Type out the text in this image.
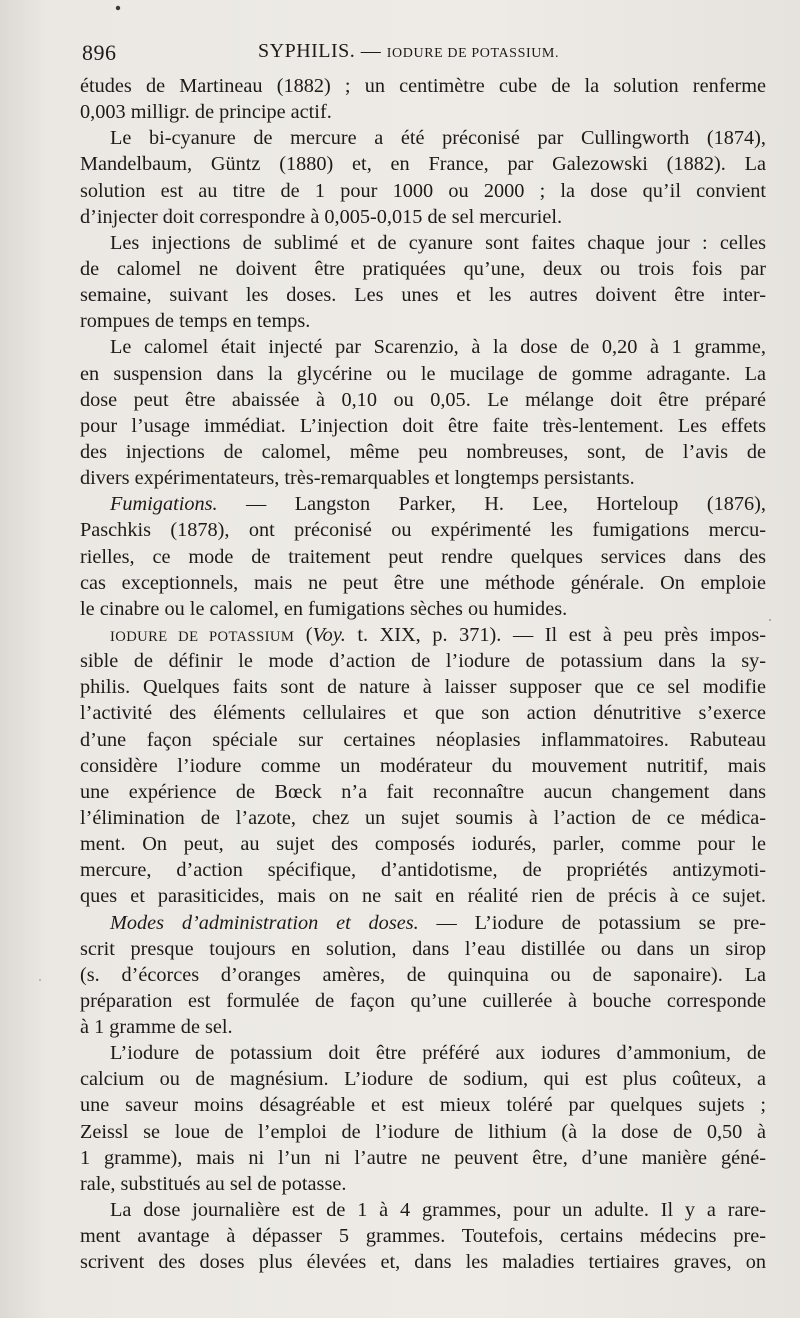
896	SYPHILIS. — IODURE DE POTASSIUM.
études de Martineau (1882) ; un centimètre cube de la solution renferme
0,003 milligr. de principe actif.
Le bi-cyanure de mercure a été préconisé par Cullingworth (1874),
Mandelbaum, Güntz (1880) et, en France, par Galezowski (1882). La
solution est au titre de 1 pour 1000 ou 2000 ; la dose qu’il convient
d’injecter doit correspondre à 0,005-0,015 de sel mercuriel.
Les injections de sublimé et de cyanure sont faites chaque jour : celles
de calomel ne doivent être pratiquées qu’une, deux ou trois fois par
semaine, suivant les doses. Les unes et les autres doivent être inter-
rompues de temps en temps.
Le calomel était injecté par Scarenzio, à la dose de 0,20 à 1 gramme,
en suspension dans la glycérine ou le mucilage de gomme adragante. La
dose peut être abaissée à 0,10 ou 0,05. Le mélange doit être préparé
pour l’usage immédiat. L’injection doit être faite très-lentement. Les effets
des injections de calomel, même peu nombreuses, sont, de l’avis de
divers expérimentateurs, très-remarquables et longtemps persistants.
Fumigations. — Langston Parker, H. Lee, Horteloup (1876),
Paschkis (1878), ont préconisé ou expérimenté les fumigations mercu-
rielles, ce mode de traitement peut rendre quelques services dans des
cas exceptionnels, mais ne peut être une méthode générale. On emploie
le cinabre ou le calomel, en fumigations sèches ou humides.
IODURE DE POTASSIUM (Voy. t. XIX, p. 371). — Il est à peu près impos-
sible de définir le mode d’action de l’iodure de potassium dans la sy-
philis. Quelques faits sont de nature à laisser supposer que ce sel modifie
l’activité des éléments cellulaires et que son action dénutritive s’exerce
d’une façon spéciale sur certaines néoplasies inflammatoires. Rabuteau
considère l’iodure comme un modérateur du mouvement nutritif, mais
une expérience de Bœck n’a fait reconnaître aucun changement dans
l’élimination de l’azote, chez un sujet soumis à l’action de ce médica-
ment. On peut, au sujet des composés iodurés, parler, comme pour le
mercure, d’action spécifique, d’antidotisme, de propriétés antizymoti-
ques et parasiticides, mais on ne sait en réalité rien de précis à ce sujet.
Modes d’administration et doses. — L’iodure de potassium se pre-
scrit presque toujours en solution, dans l’eau distillée ou dans un sirop
(s. d’écorces d’oranges amères, de quinquina ou de saponaire). La
préparation est formulée de façon qu’une cuillerée à bouche corresponde
à 1 gramme de sel.
L’iodure de potassium doit être préféré aux iodures d’ammonium, de
calcium ou de magnésium. L’iodure de sodium, qui est plus coûteux, a
une saveur moins désagréable et est mieux toléré par quelques sujets ;
Zeissl se loue de l’emploi de l’iodure de lithium (à la dose de 0,50 à
1 gramme), mais ni l’un ni l’autre ne peuvent être, d’une manière géné-
rale, substitués au sel de potasse.
La dose journalière est de 1 à 4 grammes, pour un adulte. Il y a rare-
ment avantage à dépasser 5 grammes. Toutefois, certains médecins pre-
scrivent des doses plus élevées et, dans les maladies tertiaires graves, on
